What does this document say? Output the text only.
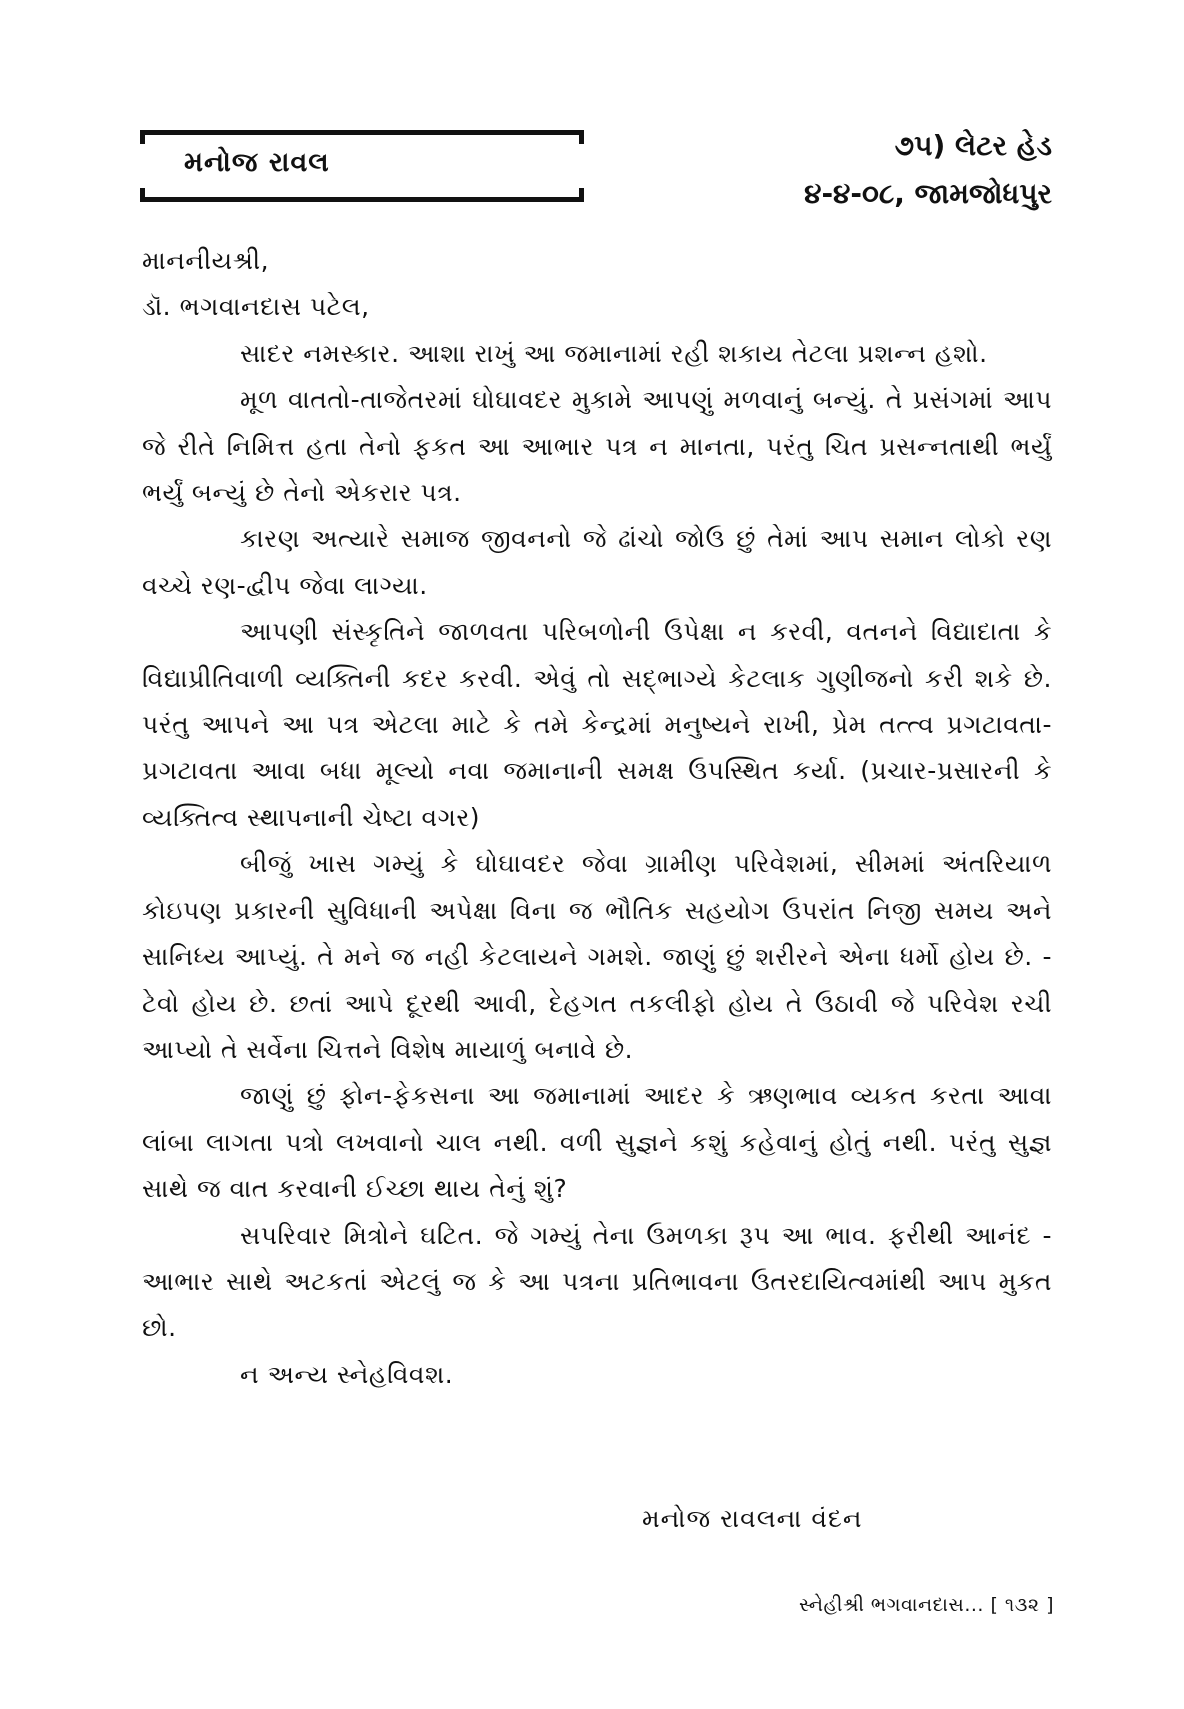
મનોજ રાવલ
૭૫) લેટર હેડ
૪-૪-૦૮, જામજોધપુર

માનનીયશ્રી,

ડૉ. ભગવાનદાસ પટેલ,

સાદર નમસ્કાર. આશા રાખું આ જમાનામાં રહી શકાય તેટલા પ્રશન્ન હશો.

મૂળ વાતતો-તાજેતરમાં ઘોઘાવદર મુકામે આપણું મળવાનું બન્યું. તે પ્રસંગમાં આપ જે રીતે નિમિત્ત હતા તેનો ફકત આ આભાર પત્ર ન માનતા, પરંતુ ચિત પ્રસન્નતાથી ભર્યું ભર્યું બન્યું છે તેનો એકરાર પત્ર.

કારણ અત્યારે સમાજ જીવનનો જે ઢાંચો જોઉ છું તેમાં આપ સમાન લોકો રણ વચ્ચે રણ-દ્વીપ જેવા લાગ્યા.

આપણી સંસ્કૃતિને જાળવતા પરિબળોની ઉપેક્ષા ન કરવી, વતનને વિદ્યાદાતા કે વિદ્યાપ્રીતિવાળી વ્યક્તિની કદર કરવી. એવું તો સદ્ભાગ્યે કેટલાક ગુણીજનો કરી શકે છે. પરંતુ આપને આ પત્ર એટલા માટે કે તમે કેન્દ્રમાં મનુષ્યને રાખી, પ્રેમ તત્ત્વ પ્રગટાવતા-પ્રગટાવતા આવા બધા મૂલ્યો નવા જમાનાની સમક્ષ ઉપસ્થિત કર્યા. (પ્રચાર-પ્રસારની કે વ્યક્તિત્વ સ્થાપનાની ચેષ્ટા વગર)

બીજું ખાસ ગમ્યું કે ઘોઘાવદર જેવા ગ્રામીણ પરિવેશમાં, સીમમાં અંતરિયાળ કોઇપણ પ્રકારની સુવિધાની અપેક્ષા વિના જ ભૌતિક સહયોગ ઉપરાંત નિજી સમય અને સાનિધ્ય આપ્યું. તે મને જ નહી કેટલાયને ગમશે. જાણું છું શરીરને એના ધર્મો હોય છે. - ટેવો હોય છે. છતાં આપે દૂરથી આવી, દેહગત તકલીફો હોય તે ઉઠાવી જે પરિવેશ રચી આપ્યો તે સર્વેના ચિત્તને વિશેષ માયાળું બનાવે છે.

જાણું છું ફોન-ફેકસના આ જમાનામાં આદર કે ઋણભાવ વ્યકત કરતા આવા લાંબા લાગતા પત્રો લખવાનો ચાલ નથી. વળી સુજ્ઞને કશું કહેવાનું હોતું નથી. પરંતુ સુજ્ઞ સાથે જ વાત કરવાની ઈચ્છા થાય તેનું શું?

સપરિવાર મિત્રોને ઘટિત. જે ગમ્યું તેના ઉમળકા રૂપ આ ભાવ. ફરીથી આનંદ - આભાર સાથે અટકતાં એટલું જ કે આ પત્રના પ્રતિભાવના ઉતરદાયિત્વમાંથી આપ મુકત છો.

ન અન્ય સ્નેહવિવશ.

મનોજ રાવલના વંદન
સ્નેહીશ્રી ભગવાનદાસ... [ ૧૩૨ ]
